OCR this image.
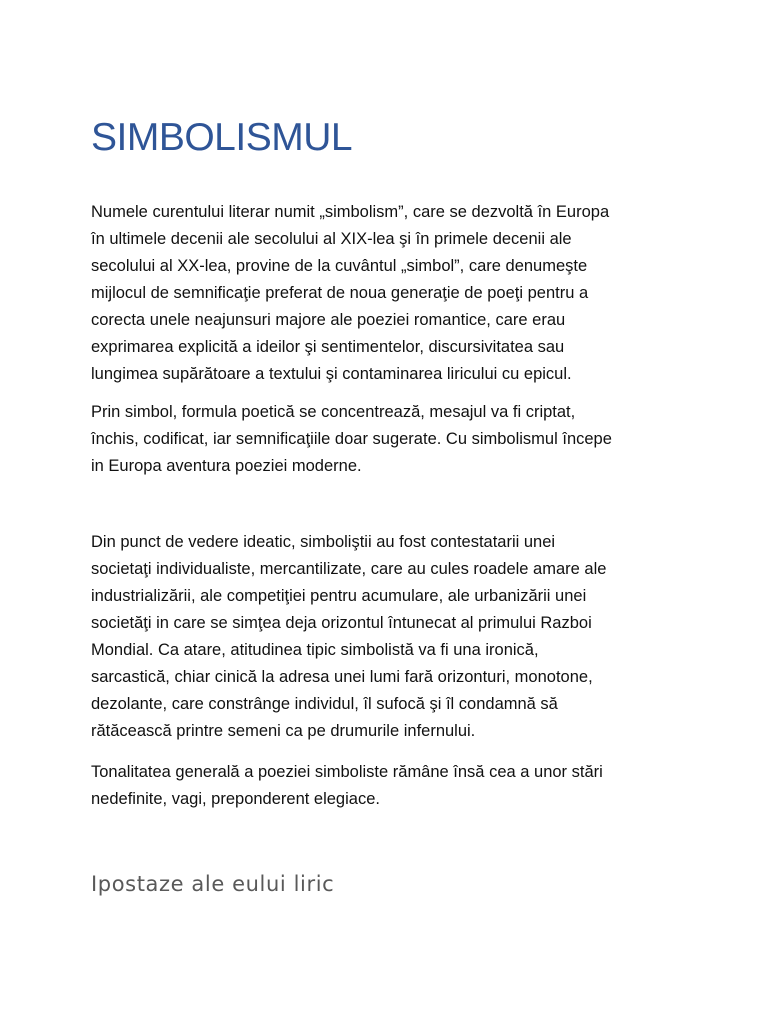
SIMBOLISMUL

Numele curentului literar numit „simbolism”, care se dezvoltă în Europa
în ultimele decenii ale secolului al XIX-lea şi în primele decenii ale
secolului al XX-lea, provine de la cuvântul „simbol”, care denumeşte
mijlocul de semnificaţie preferat de noua generaţie de poeţi pentru a
corecta unele neajunsuri majore ale poeziei romantice, care erau
exprimarea explicită a ideilor şi sentimentelor, discursivitatea sau
lungimea supărătoare a textului şi contaminarea liricului cu epicul.

Prin simbol, formula poetică se concentrează, mesajul va fi criptat,
închis, codificat, iar semnificaţiile doar sugerate. Cu simbolismul începe
in Europa aventura poeziei moderne.

Din punct de vedere ideatic, simboliştii au fost contestatarii unei
societaţi individualiste, mercantilizate, care au cules roadele amare ale
industrializării, ale competiţiei pentru acumulare, ale urbanizării unei
societăţi in care se simţea deja orizontul întunecat al primului Razboi
Mondial. Ca atare, atitudinea tipic simbolistă va fi una ironică,
sarcastică, chiar cinică la adresa unei lumi fară orizonturi, monotone,
dezolante, care constrânge individul, îl sufocă şi îl condamnă să
rătăcească printre semeni ca pe drumurile infernului.

Tonalitatea generală a poeziei simboliste rămâne însă cea a unor stări
nedefinite, vagi, preponderent elegiace.

Ipostaze ale eului liric
